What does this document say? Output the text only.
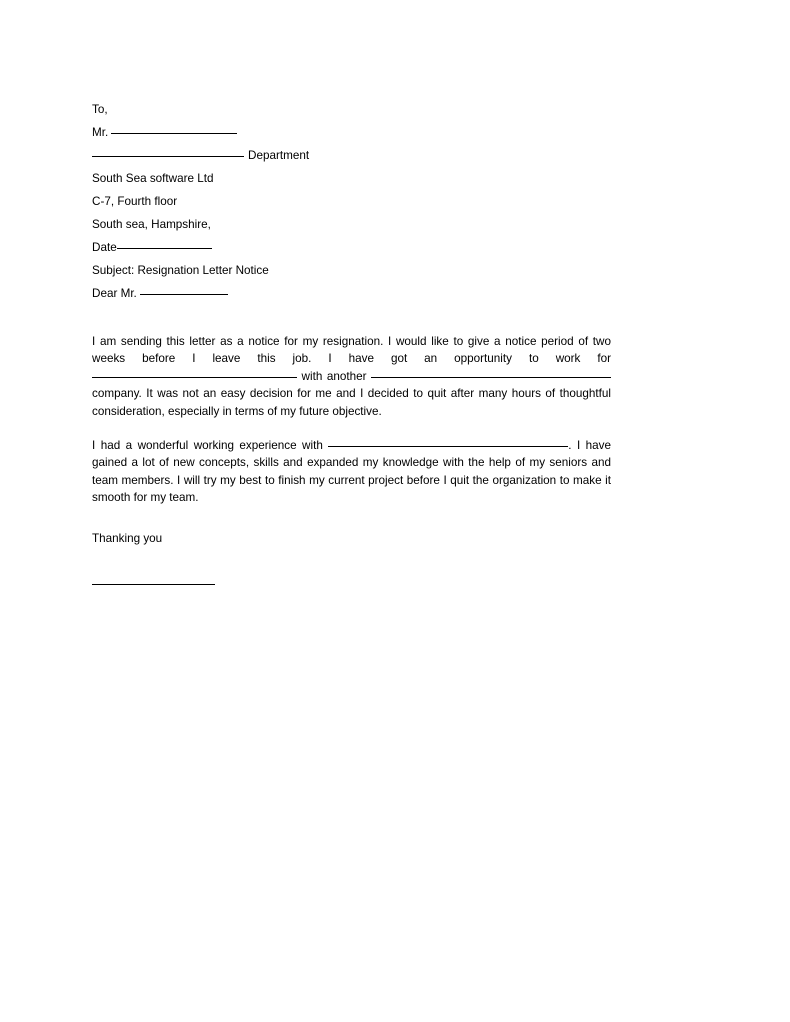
To,
Mr.
Department
South Sea software Ltd
C-7, Fourth floor
South sea, Hampshire,
Date
Subject: Resignation Letter Notice
Dear Mr.

I am sending this letter as a notice for my resignation. I would like to give a notice period of two weeks before I leave this job. I have got an opportunity to work for  with another  company. It was not an easy decision for me and I decided to quit after many hours of thoughtful consideration, especially in terms of my future objective.

I had a wonderful working experience with	. I have gained a lot of new concepts, skills and expanded my knowledge with the help of my seniors and team members. I will try my best to finish my current project before I quit the organization to make it smooth for my team.

Thanking you
